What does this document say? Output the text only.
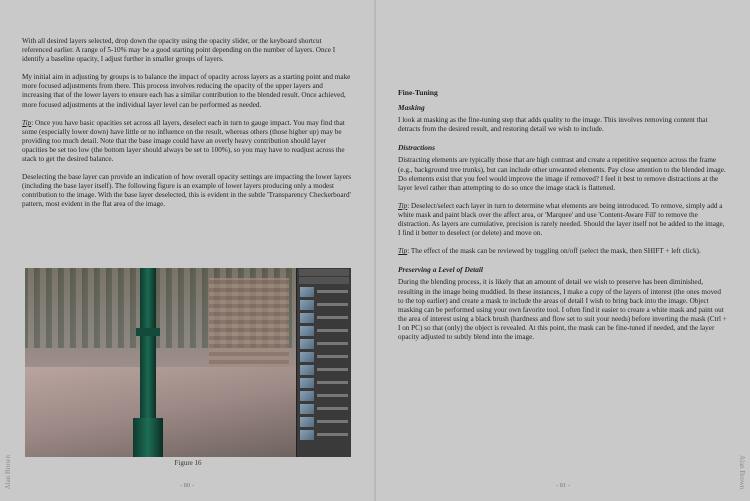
With all desired layers selected, drop down the opacity using the opacity slider, or the keyboard shortcut referenced earlier. A range of 5-10% may be a good starting point depending on the number of layers. Once I identify a baseline opacity, I adjust further in smaller groups of layers.

My initial aim in adjusting by groups is to balance the impact of opacity across layers as a starting point and make more focused adjustments from there. This process involves reducing the opacity of the upper layers and increasing that of the lower layers to ensure each has a similar contribution to the blended result. Once achieved, more focused adjustments at the individual layer level can be performed as needed.

Tip: Once you have basic opacities set across all layers, deselect each in turn to gauge impact. You may find that some (especially lower down) have little or no influence on the result, whereas others (those higher up) may be providing too much detail. Note that the base image could have an overly heavy contribution should layer opacities be set too low (the bottom layer should always be set to 100%), so you may have to readjust across the stack to get the desired balance.

Deselecting the base layer can provide an indication of how overall opacity settings are impacting the lower layers (including the base layer itself). The following figure is an example of lower layers producing only a modest contribution to the image. With the base layer deselected, this is evident in the subtle 'Transparency Checkerboard' pattern, most evident in the flat area of the image.

Figure 16
Alan Brown	- 80 -
Fine-Tuning
Masking

I look at masking as the fine-tuning step that adds quality to the image. This involves removing content that detracts from the desired result, and restoring detail we wish to include.

Distractions

Distracting elements are typically those that are high contrast and create a repetitive sequence across the frame (e.g., background tree trunks), but can include other unwanted elements. Pay close attention to the blended image. Do elements exist that you feel would improve the image if removed? I feel it best to remove distractions at the layer level rather than attempting to do so once the image stack is flattened.

Tip: Deselect/select each layer in turn to determine what elements are being introduced. To remove, simply add a white mask and paint black over the affect area, or 'Marquee' and use 'Content-Aware Fill' to remove the distraction. As layers are cumulative, precision is rarely needed. Should the layer itself not be added to the image, I find it better to deselect (or delete) and move on.

Tip: The effect of the mask can be reviewed by toggling on/off (select the mask, then SHIFT + left click).

Preserving a Level of Detail

During the blending process, it is likely that an amount of detail we wish to preserve has been diminished, resulting in the image being muddied. In these instances, I make a copy of the layers of interest (the ones moved to the top earlier) and create a mask to include the areas of detail I wish to bring back into the image. Object masking can be performed using your own favorite tool. I often find it easier to create a white mask and paint out the area of interest using a black brush (hardness and flow set to suit your needs) before inverting the mask (Ctrl + I on PC) so that (only) the object is revealed. At this point, the mask can be fine-tuned if needed, and the layer opacity adjusted to subtly blend into the image.

Alan Brown
- 81 -
